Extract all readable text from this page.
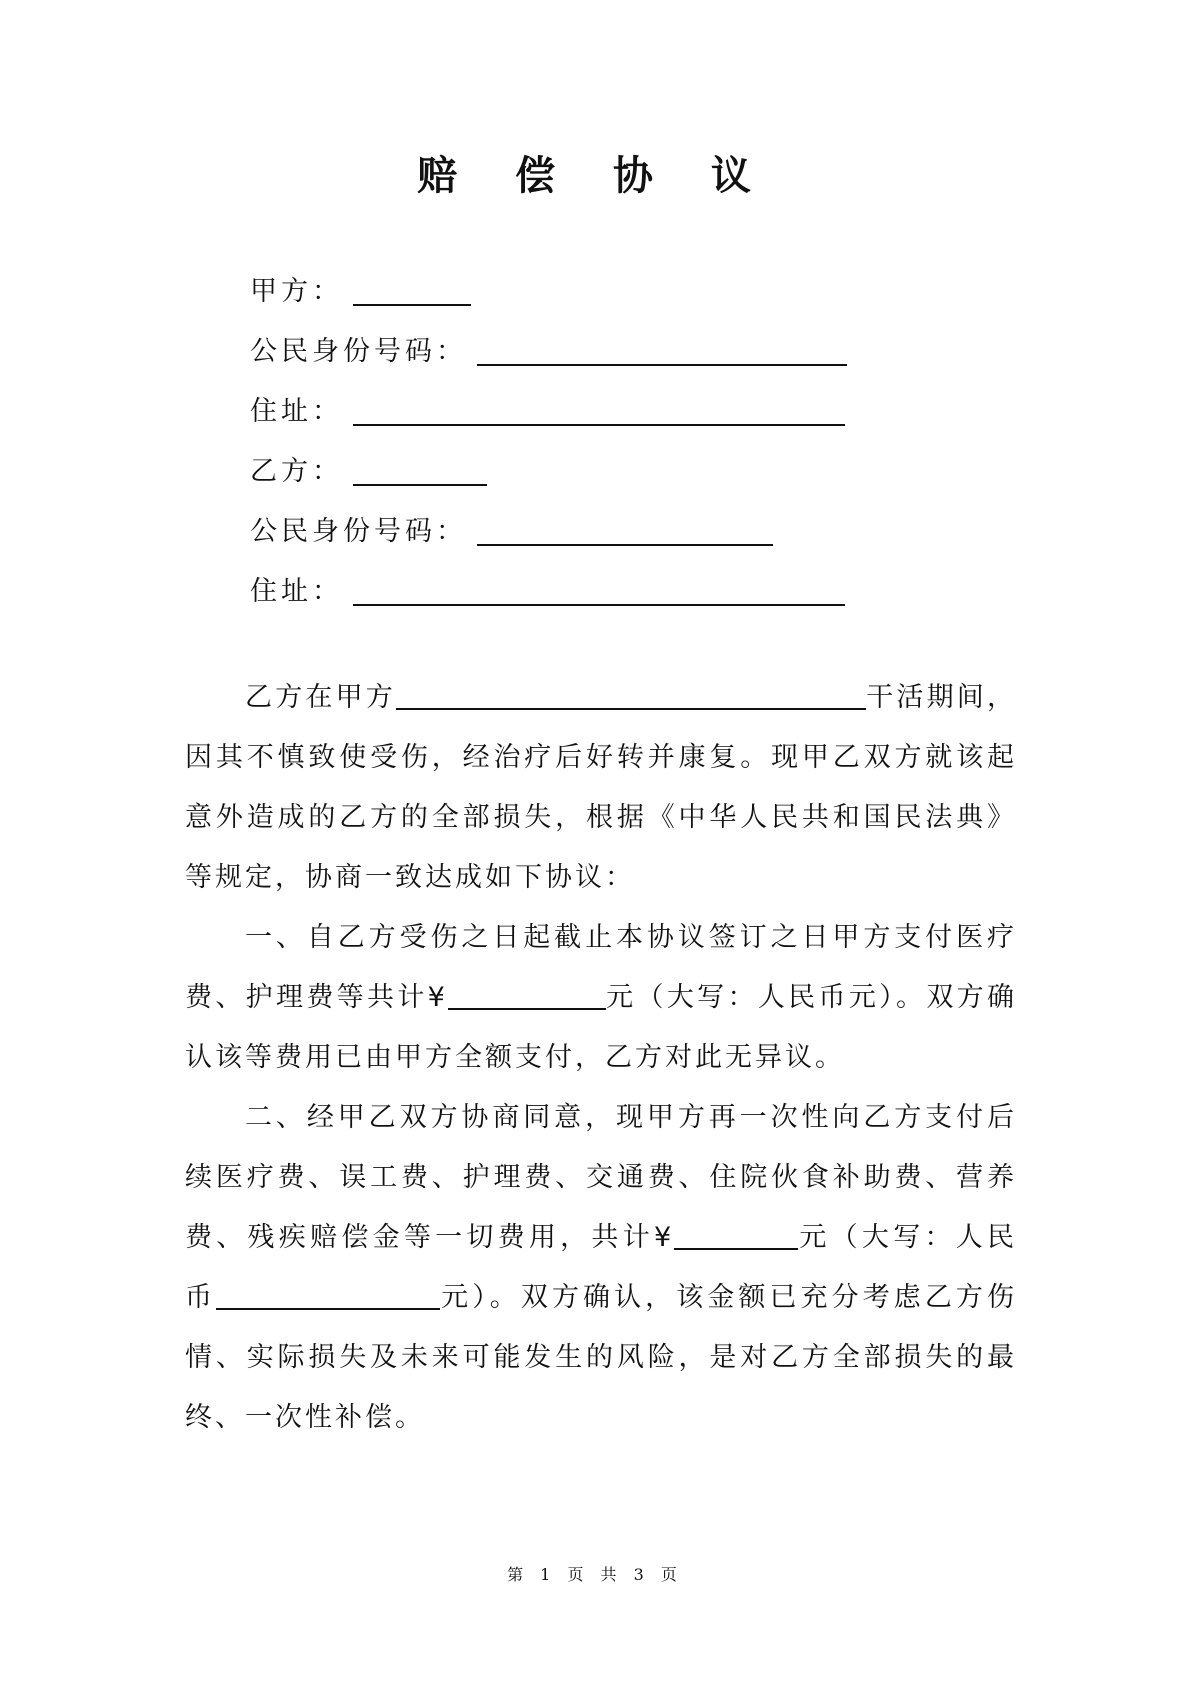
赔 偿 协 议
甲方：
公民身份号码：
住址：
乙方：
公民身份号码：
住址：

乙方在甲方	干活期间，因其不慎致使受伤，经治疗后好转并康复。现甲乙双方就该起意外造成的乙方的全部损失，根据《中华人民共和国民法典》等规定，协商一致达成如下协议：

一、自乙方受伤之日起截止本协议签订之日甲方支付医疗费、护理费等共计¥	元（大写：人民币元）。双方确认该等费用已由甲方全额支付，乙方对此无异议。

二、经甲乙双方协商同意，现甲方再一次性向乙方支付后续医疗费、误工费、护理费、交通费、住院伙食补助费、营养费、残疾赔偿金等一切费用，共计¥	元（大写：人民币	元）。双方确认，该金额已充分考虑乙方伤情、实际损失及未来可能发生的风险，是对乙方全部损失的最终、一次性补偿。

第 1 页 共 3 页
